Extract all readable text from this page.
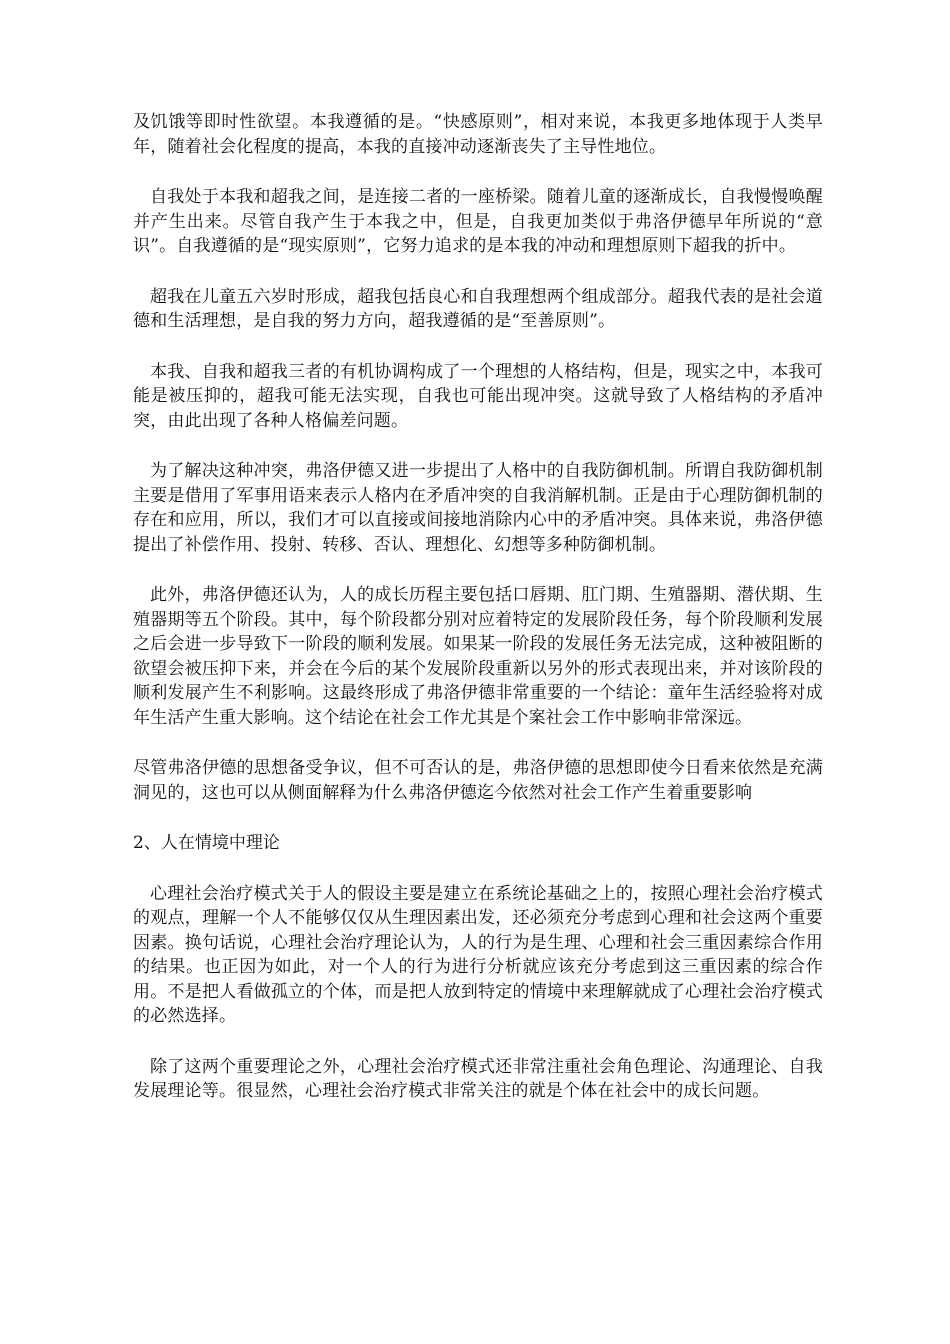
及饥饿等即时性欲望。本我遵循的是。“快感原则”，相对来说，本我更多地体现于人类早年，随着社会化程度的提高，本我的直接冲动逐渐丧失了主导性地位。

自我处于本我和超我之间，是连接二者的一座桥梁。随着儿童的逐渐成长，自我慢慢唤醒并产生出来。尽管自我产生于本我之中，但是，自我更加类似于弗洛伊德早年所说的“意识”。自我遵循的是“现实原则”，它努力追求的是本我的冲动和理想原则下超我的折中。

超我在儿童五六岁时形成，超我包括良心和自我理想两个组成部分。超我代表的是社会道德和生活理想，是自我的努力方向，超我遵循的是“至善原则”。

本我、自我和超我三者的有机协调构成了一个理想的人格结构，但是，现实之中，本我可能是被压抑的，超我可能无法实现，自我也可能出现冲突。这就导致了人格结构的矛盾冲突，由此出现了各种人格偏差问题。

为了解决这种冲突，弗洛伊德又进一步提出了人格中的自我防御机制。所谓自我防御机制主要是借用了军事用语来表示人格内在矛盾冲突的自我消解机制。正是由于心理防御机制的存在和应用，所以，我们才可以直接或间接地消除内心中的矛盾冲突。具体来说，弗洛伊德提出了补偿作用、投射、转移、否认、理想化、幻想等多种防御机制。

此外，弗洛伊德还认为，人的成长历程主要包括口唇期、肛门期、生殖器期、潜伏期、生殖器期等五个阶段。其中，每个阶段都分别对应着特定的发展阶段任务，每个阶段顺利发展之后会进一步导致下一阶段的顺利发展。如果某一阶段的发展任务无法完成，这种被阻断的欲望会被压抑下来，并会在今后的某个发展阶段重新以另外的形式表现出来，并对该阶段的顺利发展产生不利影响。这最终形成了弗洛伊德非常重要的一个结论：童年生活经验将对成年生活产生重大影响。这个结论在社会工作尤其是个案社会工作中影响非常深远。

尽管弗洛伊德的思想备受争议，但不可否认的是，弗洛伊德的思想即使今日看来依然是充满洞见的，这也可以从侧面解释为什么弗洛伊德迄今依然对社会工作产生着重要影响

2、人在情境中理论

心理社会治疗模式关于人的假设主要是建立在系统论基础之上的，按照心理社会治疗模式的观点，理解一个人不能够仅仅从生理因素出发，还必须充分考虑到心理和社会这两个重要因素。换句话说，心理社会治疗理论认为，人的行为是生理、心理和社会三重因素综合作用的结果。也正因为如此，对一个人的行为进行分析就应该充分考虑到这三重因素的综合作用。不是把人看做孤立的个体，而是把人放到特定的情境中来理解就成了心理社会治疗模式的必然选择。

除了这两个重要理论之外，心理社会治疗模式还非常注重社会角色理论、沟通理论、自我发展理论等。很显然，心理社会治疗模式非常关注的就是个体在社会中的成长问题。
